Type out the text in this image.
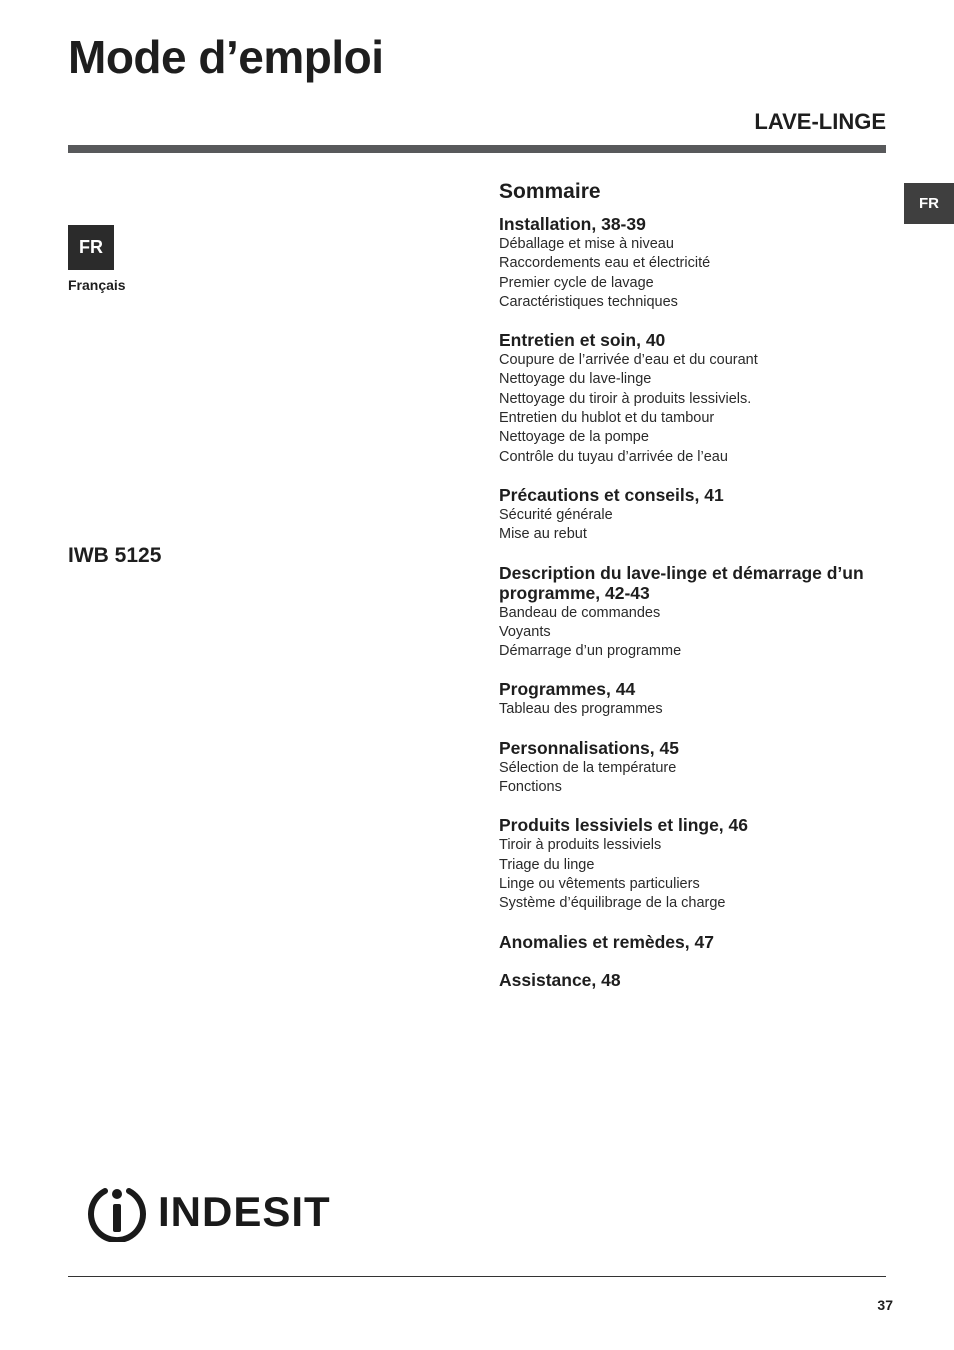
Mode d’emploi
LAVE-LINGE
FR
FR
Français
IWB 5125
Sommaire
Installation, 38-39
Déballage et mise à niveau
Raccordements eau et électricité
Premier cycle de lavage
Caractéristiques techniques
Entretien et soin, 40
Coupure de l’arrivée d’eau et du courant
Nettoyage du lave-linge
Nettoyage du tiroir à produits lessiviels.
Entretien du hublot et du tambour
Nettoyage de la pompe
Contrôle du tuyau d’arrivée de l’eau
Précautions et conseils, 41
Sécurité générale
Mise au rebut
Description du lave-linge et démarrage d’un programme, 42-43
Bandeau de commandes
Voyants
Démarrage d’un programme
Programmes, 44
Tableau des programmes
Personnalisations, 45
Sélection de la température
Fonctions
Produits lessiviels et linge, 46
Tiroir à produits lessiviels
Triage du linge
Linge ou vêtements particuliers
Système d’équilibrage de la charge
Anomalies et remèdes, 47
Assistance, 48
INDESIT
37
